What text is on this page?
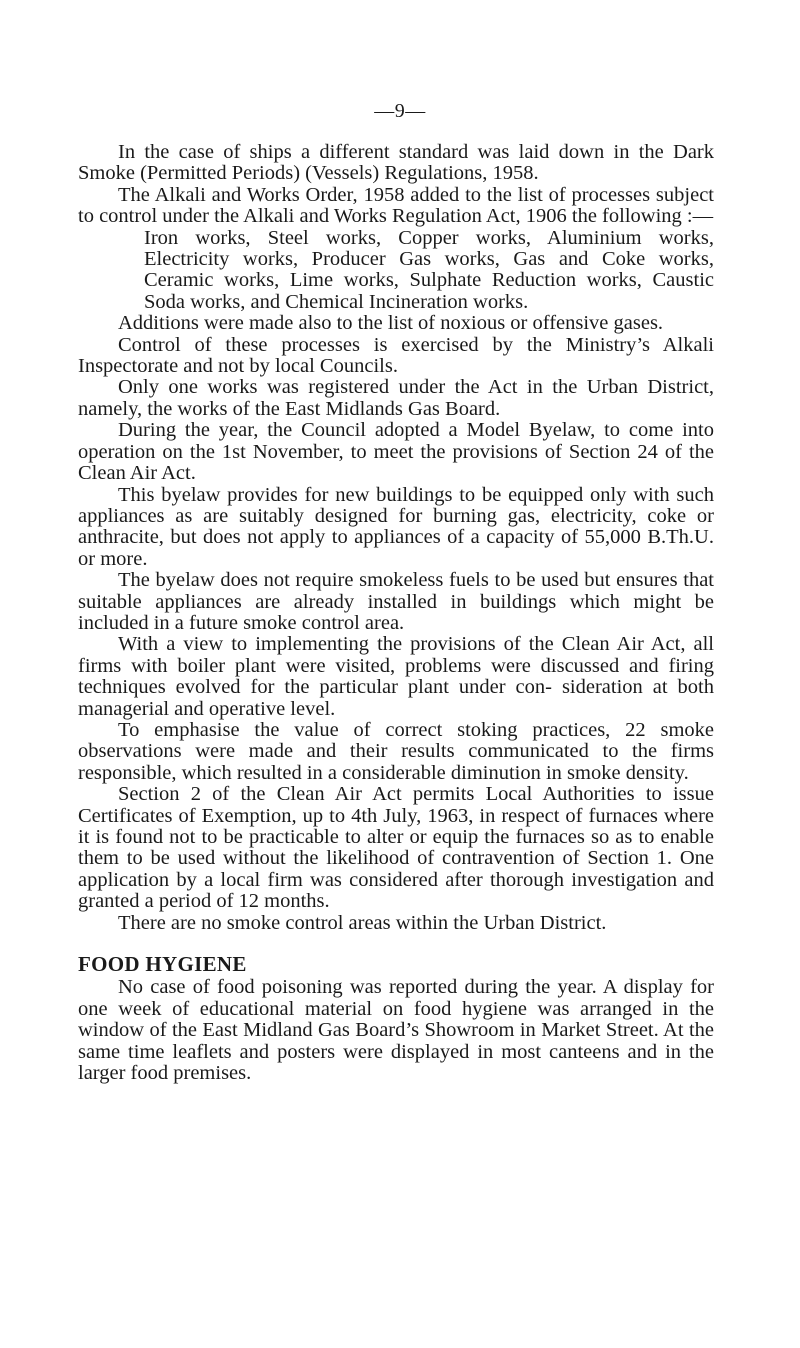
—9—

In the case of ships a different standard was laid down in the Dark Smoke (Permitted Periods) (Vessels) Regulations, 1958.

The Alkali and Works Order, 1958 added to the list of processes subject to control under the Alkali and Works Regulation Act, 1906 the following :—

Iron works, Steel works, Copper works, Aluminium works, Electricity works, Producer Gas works, Gas and Coke works, Ceramic works, Lime works, Sulphate Reduction works, Caustic Soda works, and Chemical Incineration works.

Additions were made also to the list of noxious or offensive gases.

Control of these processes is exercised by the Ministry’s Alkali Inspectorate and not by local Councils.

Only one works was registered under the Act in the Urban District, namely, the works of the East Midlands Gas Board.

During the year, the Council adopted a Model Byelaw, to come into operation on the 1st November, to meet the provisions of Section 24 of the Clean Air Act.

This byelaw provides for new buildings to be equipped only with such appliances as are suitably designed for burning gas, electricity, coke or anthracite, but does not apply to appliances of a capacity of 55,000 B.Th.U. or more.

The byelaw does not require smokeless fuels to be used but ensures that suitable appliances are already installed in buildings which might be included in a future smoke control area.

With a view to implementing the provisions of the Clean Air Act, all firms with boiler plant were visited, problems were discussed and firing techniques evolved for the particular plant under con- sideration at both managerial and operative level.

To emphasise the value of correct stoking practices, 22 smoke observations were made and their results communicated to the firms responsible, which resulted in a considerable diminution in smoke density.

Section 2 of the Clean Air Act permits Local Authorities to issue Certificates of Exemption, up to 4th July, 1963, in respect of furnaces where it is found not to be practicable to alter or equip the furnaces so as to enable them to be used without the likelihood of contravention of Section 1. One application by a local firm was considered after thorough investigation and granted a period of 12 months.

There are no smoke control areas within the Urban District.

FOOD HYGIENE

No case of food poisoning was reported during the year. A display for one week of educational material on food hygiene was arranged in the window of the East Midland Gas Board’s Showroom in Market Street. At the same time leaflets and posters were displayed in most canteens and in the larger food premises.
